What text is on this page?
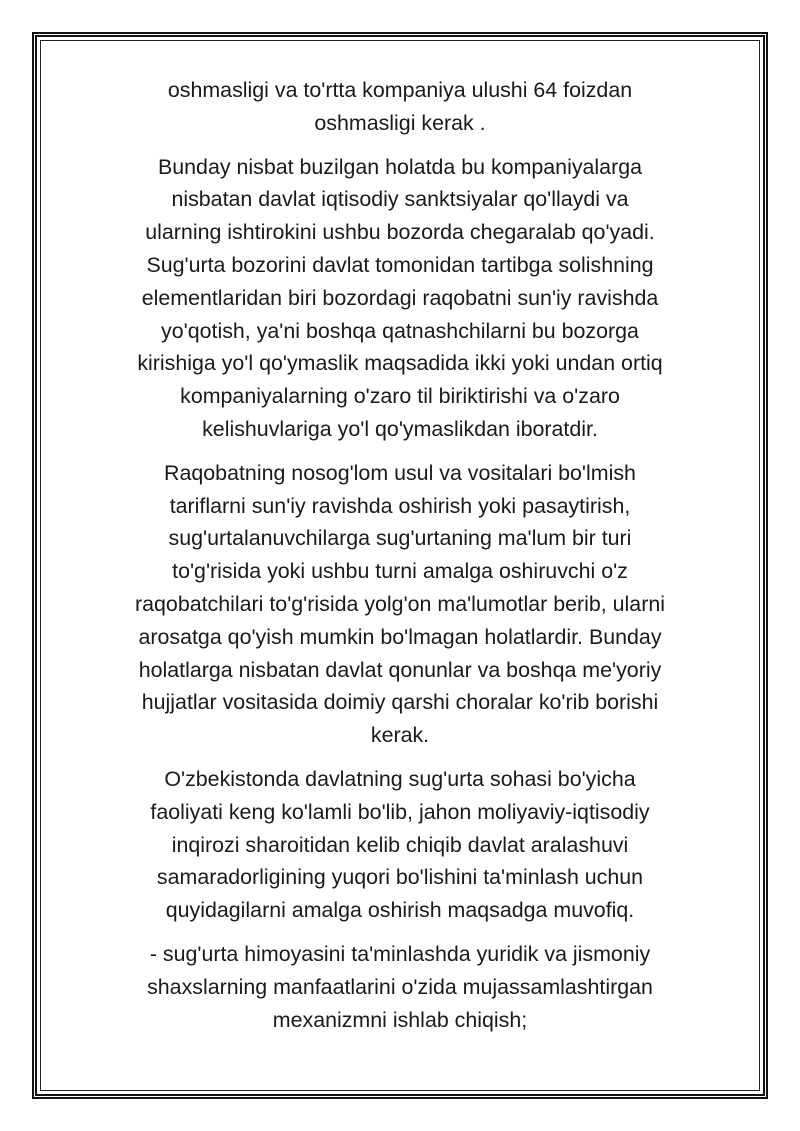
oshmasligi va to'rtta kompaniya ulushi 64 foizdan
oshmasligi kerak .

Bunday nisbat buzilgan holatda bu kompaniyalarga
nisbatan davlat iqtisodiy sanktsiyalar qo'llaydi va
ularning ishtirokini ushbu bozorda chegaralab qo'yadi.
Sug'urta bozorini davlat tomonidan tartibga solishning
elementlaridan biri bozordagi raqobatni sun'iy ravishda
yo'qotish, ya'ni boshqa qatnashchilarni bu bozorga
kirishiga yo'l qo'ymaslik maqsadida ikki yoki undan ortiq
kompaniyalarning o'zaro til biriktirishi va o'zaro
kelishuvlariga yo'l qo'ymaslikdan iboratdir.

Raqobatning nosog'lom usul va vositalari bo'lmish
tariflarni sun'iy ravishda oshirish yoki pasaytirish,
sug'urtalanuvchilarga sug'urtaning ma'lum bir turi
to'g'risida yoki ushbu turni amalga oshiruvchi o'z
raqobatchilari to'g'risida yolg'on ma'lumotlar berib, ularni
arosatga qo'yish mumkin bo'lmagan holatlardir. Bunday
holatlarga nisbatan davlat qonunlar va boshqa me'yoriy
hujjatlar vositasida doimiy qarshi choralar ko'rib borishi
kerak.

O'zbekistonda davlatning sug'urta sohasi bo'yicha
faoliyati keng ko'lamli bo'lib, jahon moliyaviy-iqtisodiy
inqirozi sharoitidan kelib chiqib davlat aralashuvi
samaradorligining yuqori bo'lishini ta'minlash uchun
quyidagilarni amalga oshirish maqsadga muvofiq.

- sug'urta himoyasini ta'minlashda yuridik va jismoniy
shaxslarning manfaatlarini o'zida mujassamlashtirgan
mexanizmni ishlab chiqish;
